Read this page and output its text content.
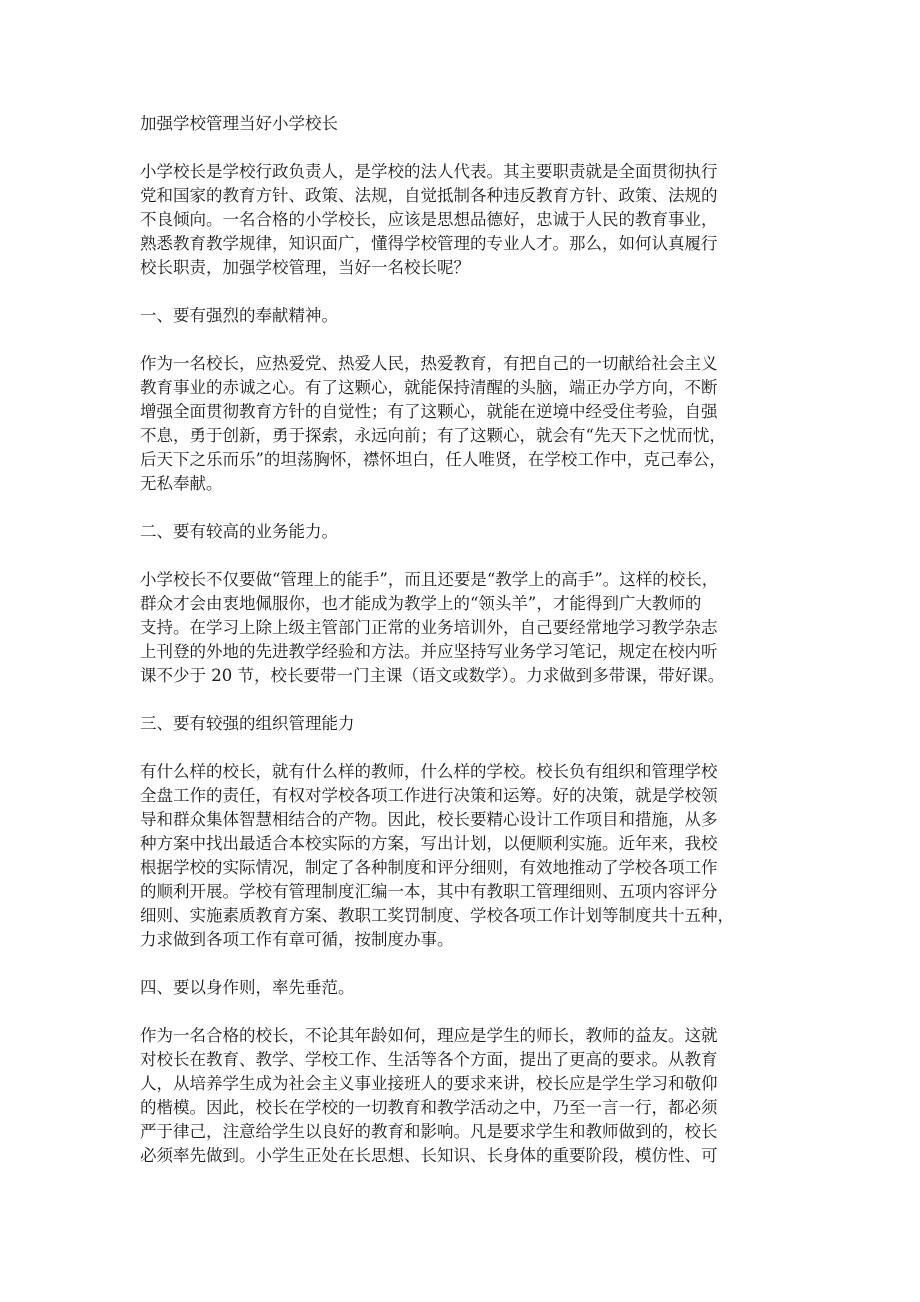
加强学校管理当好小学校长

小学校长是学校行政负责人，是学校的法人代表。其主要职责就是全面贯彻执行
党和国家的教育方针、政策、法规，自觉抵制各种违反教育方针、政策、法规的
不良倾向。一名合格的小学校长，应该是思想品德好，忠诚于人民的教育事业，
熟悉教育教学规律，知识面广，懂得学校管理的专业人才。那么，如何认真履行
校长职责，加强学校管理，当好一名校长呢？

一、要有强烈的奉献精神。

作为一名校长，应热爱党、热爱人民，热爱教育，有把自己的一切献给社会主义
教育事业的赤诚之心。有了这颗心，就能保持清醒的头脑，端正办学方向，不断
增强全面贯彻教育方针的自觉性；有了这颗心，就能在逆境中经受住考验，自强
不息，勇于创新，勇于探索，永远向前；有了这颗心，就会有“先天下之忧而忧，
后天下之乐而乐”的坦荡胸怀，襟怀坦白，任人唯贤，在学校工作中，克己奉公，
无私奉献。

二、要有较高的业务能力。

小学校长不仅要做“管理上的能手”，而且还要是“教学上的高手”。这样的校长，
群众才会由衷地佩服你，也才能成为教学上的“领头羊”，才能得到广大教师的
支持。在学习上除上级主管部门正常的业务培训外，自己要经常地学习教学杂志
上刊登的外地的先进教学经验和方法。并应坚持写业务学习笔记，规定在校内听
课不少于 20 节，校长要带一门主课（语文或数学）。力求做到多带课，带好课。

三、要有较强的组织管理能力

有什么样的校长，就有什么样的教师，什么样的学校。校长负有组织和管理学校
全盘工作的责任，有权对学校各项工作进行决策和运筹。好的决策，就是学校领
导和群众集体智慧相结合的产物。因此，校长要精心设计工作项目和措施，从多
种方案中找出最适合本校实际的方案，写出计划，以便顺利实施。近年来，我校
根据学校的实际情况，制定了各种制度和评分细则，有效地推动了学校各项工作
的顺利开展。学校有管理制度汇编一本，其中有教职工管理细则、五项内容评分
细则、实施素质教育方案、教职工奖罚制度、学校各项工作计划等制度共十五种，
力求做到各项工作有章可循，按制度办事。

四、要以身作则，率先垂范。

作为一名合格的校长，不论其年龄如何，理应是学生的师长，教师的益友。这就
对校长在教育、教学、学校工作、生活等各个方面，提出了更高的要求。从教育
人，从培养学生成为社会主义事业接班人的要求来讲，校长应是学生学习和敬仰
的楷模。因此，校长在学校的一切教育和教学活动之中，乃至一言一行，都必须
严于律己，注意给学生以良好的教育和影响。凡是要求学生和教师做到的，校长
必须率先做到。小学生正处在长思想、长知识、长身体的重要阶段，模仿性、可
